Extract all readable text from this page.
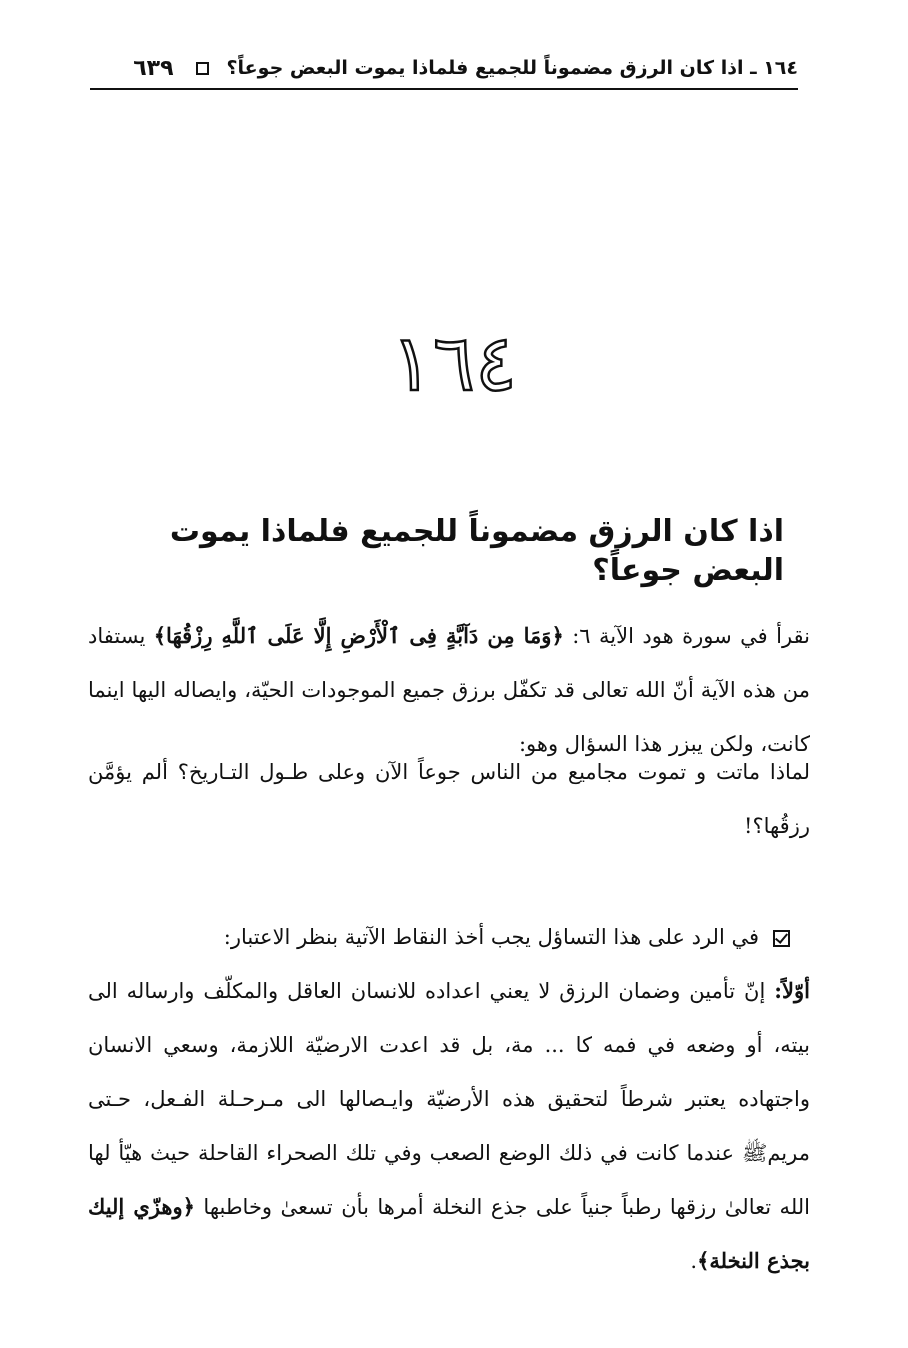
١٦٤ ـ اذا كان الرزق مضموناً للجميع فلماذا يموت البعض جوعاً؟
٦٣٩
١٦٤
اذا كان الرزق مضموناً للجميع فلماذا يموت البعض جوعاً؟

نقرأ في سورة هود الآية ٦: ﴿وَمَا مِن دَآبَّةٍ فِى ٱلْأَرْضِ إِلَّا عَلَى ٱللَّهِ رِزْقُهَا﴾ يستفاد من هذه الآية أنّ الله تعالى قد تكفّل برزق جميع الموجودات الحيّة، وايصاله اليها اينما كانت، ولكن يبزر هذا السؤال وهو:

لماذا ماتت و تموت مجاميع من الناس جوعاً الآن وعلى طـول التـاريخ؟ ألم يؤمَّن رزقُها؟!

في الرد على هذا التساؤل يجب أخذ النقاط الآتية بنظر الاعتبار:
أوّلاً: إنّ تأمين وضمان الرزق لا يعني اعداده للانسان العاقل والمكلّف وارساله الى بيته، أو وضعه في فمه كا ... مة، بل قد اعدت الارضيّة اللازمة، وسعي الانسان واجتهاده يعتبر شرطاً لتحقيق هذه الأرضيّة وايـصالها الى مـرحـلة الفـعل، حـتى مريمﷺ عندما كانت في ذلك الوضع الصعب وفي تلك الصحراء القاحلة حيث هيّأ لها الله تعالىٰ رزقها رطباً جنياً على جذع النخلة أمرها بأن تسعىٰ وخاطبها ﴿وهزّي إليك بجذع النخلة﴾.
